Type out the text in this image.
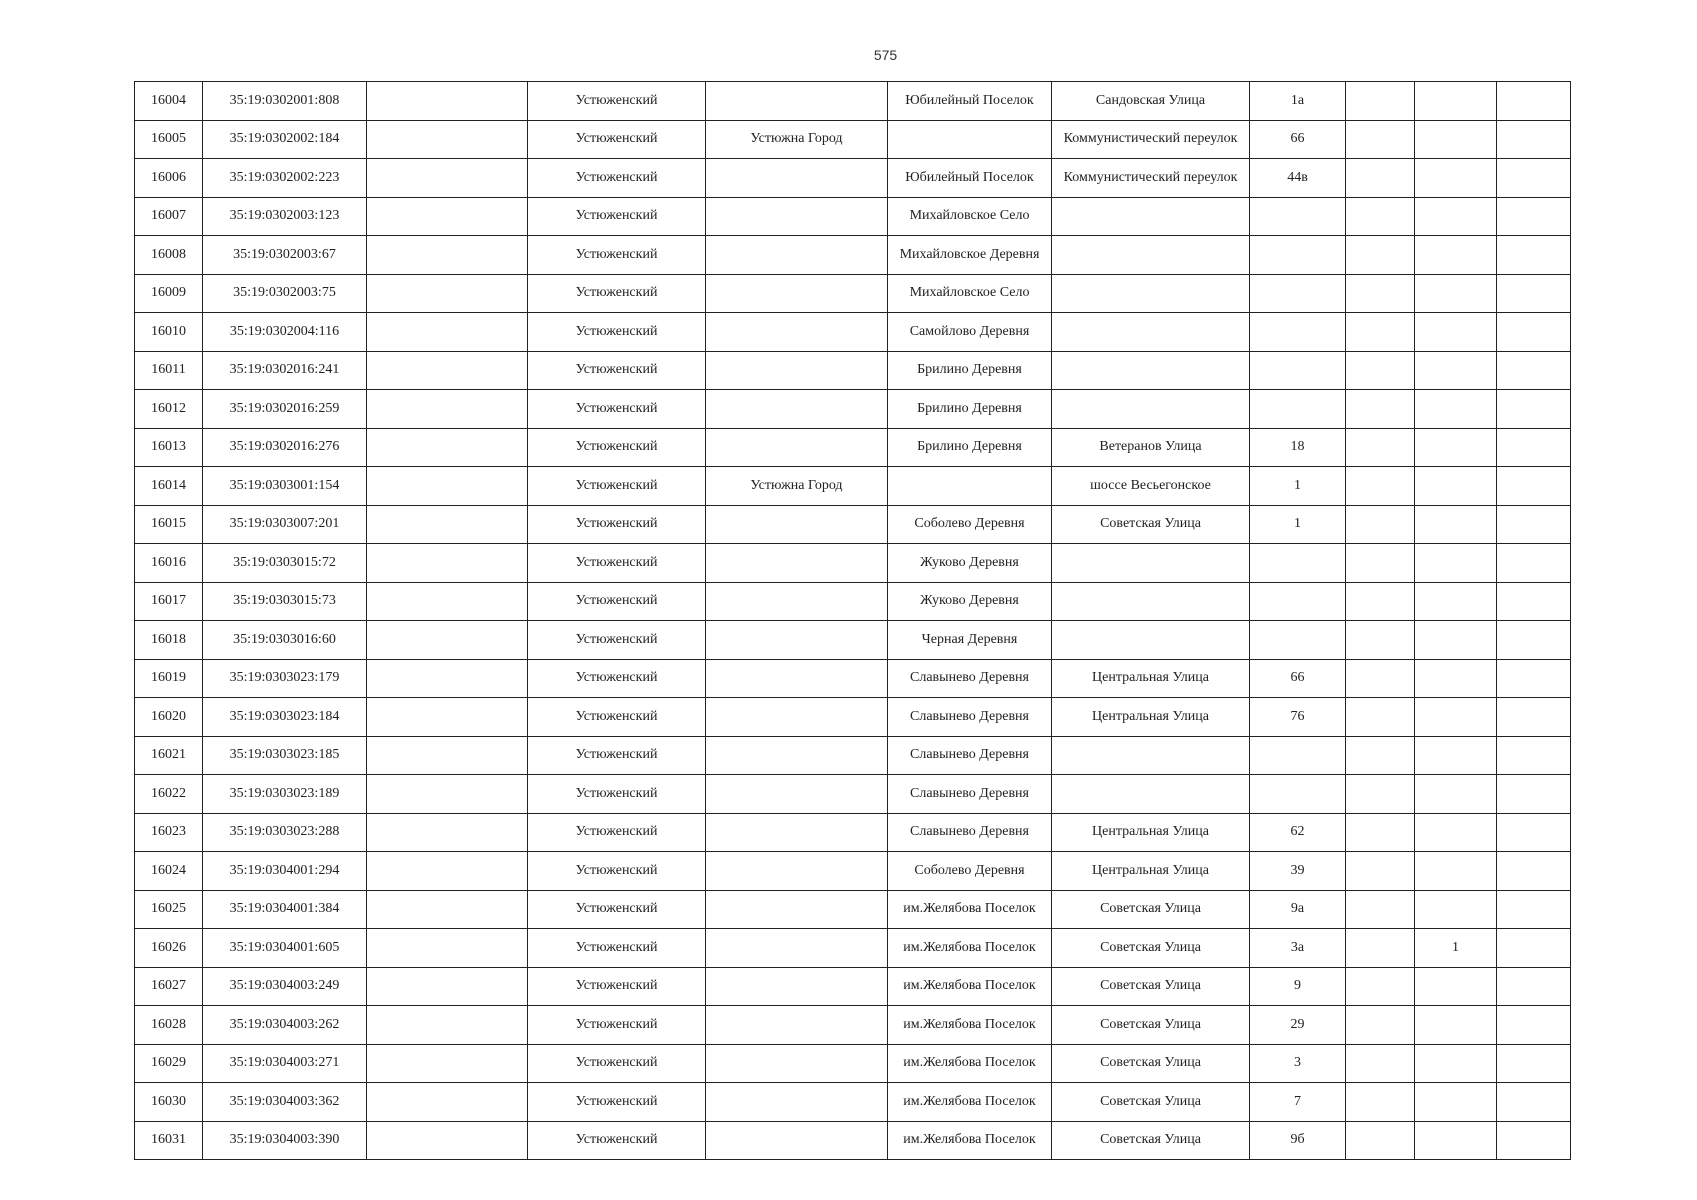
575
16004	35:19:0302001:808		Устюженский		Юбилейный Поселок	Сандовская Улица	1а			
16005	35:19:0302002:184		Устюженский	Устюжна Город		Коммунистический переулок	66			
16006	35:19:0302002:223		Устюженский		Юбилейный Поселок	Коммунистический переулок	44в			
16007	35:19:0302003:123		Устюженский		Михайловское Село					
16008	35:19:0302003:67		Устюженский		Михайловское Деревня					
16009	35:19:0302003:75		Устюженский		Михайловское Село					
16010	35:19:0302004:116		Устюженский		Самойлово Деревня					
16011	35:19:0302016:241		Устюженский		Брилино Деревня					
16012	35:19:0302016:259		Устюженский		Брилино Деревня					
16013	35:19:0302016:276		Устюженский		Брилино Деревня	Ветеранов Улица	18			
16014	35:19:0303001:154		Устюженский	Устюжна Город		шоссе Весьегонское	1			
16015	35:19:0303007:201		Устюженский		Соболево Деревня	Советская Улица	1			
16016	35:19:0303015:72		Устюженский		Жуково Деревня					
16017	35:19:0303015:73		Устюженский		Жуково Деревня					
16018	35:19:0303016:60		Устюженский		Черная Деревня					
16019	35:19:0303023:179		Устюженский		Славынево Деревня	Центральная Улица	66			
16020	35:19:0303023:184		Устюженский		Славынево Деревня	Центральная Улица	76			
16021	35:19:0303023:185		Устюженский		Славынево Деревня					
16022	35:19:0303023:189		Устюженский		Славынево Деревня					
16023	35:19:0303023:288		Устюженский		Славынево Деревня	Центральная Улица	62			
16024	35:19:0304001:294		Устюженский		Соболево Деревня	Центральная Улица	39			
16025	35:19:0304001:384		Устюженский		им.Желябова Поселок	Советская Улица	9а			
16026	35:19:0304001:605		Устюженский		им.Желябова Поселок	Советская Улица	3а		1	
16027	35:19:0304003:249		Устюженский		им.Желябова Поселок	Советская Улица	9			
16028	35:19:0304003:262		Устюженский		им.Желябова Поселок	Советская Улица	29			
16029	35:19:0304003:271		Устюженский		им.Желябова Поселок	Советская Улица	3			
16030	35:19:0304003:362		Устюженский		им.Желябова Поселок	Советская Улица	7			
16031	35:19:0304003:390		Устюженский		им.Желябова Поселок	Советская Улица	9б			
